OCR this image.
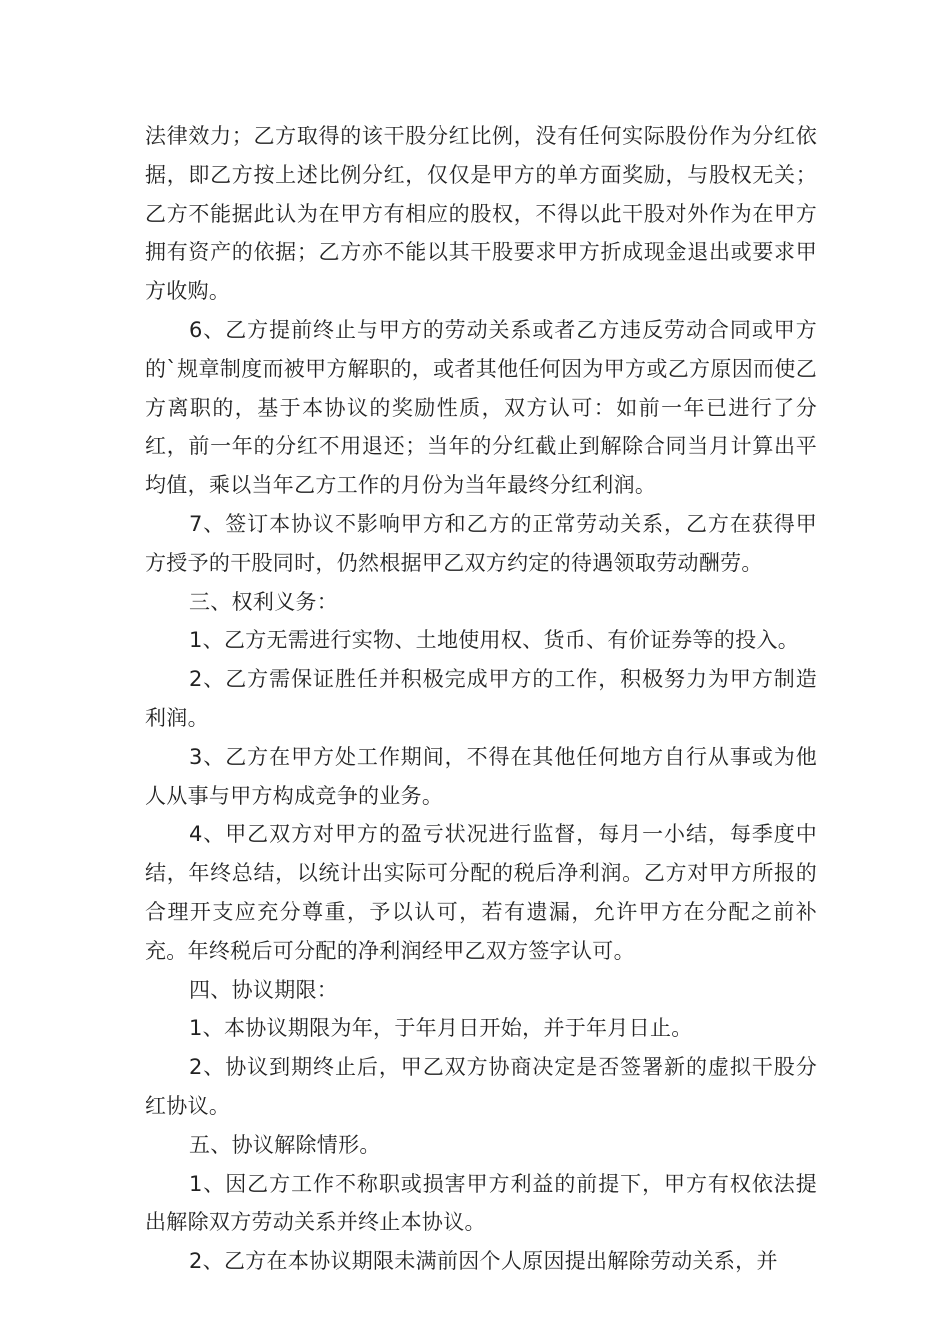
法律效力；乙方取得的该干股分红比例，没有任何实际股份作为分红依据，即乙方按上述比例分红，仅仅是甲方的单方面奖励，与股权无关；乙方不能据此认为在甲方有相应的股权，不得以此干股对外作为在甲方拥有资产的依据；乙方亦不能以其干股要求甲方折成现金退出或要求甲方收购。

6、乙方提前终止与甲方的劳动关系或者乙方违反劳动合同或甲方的`规章制度而被甲方解职的，或者其他任何因为甲方或乙方原因而使乙方离职的，基于本协议的奖励性质，双方认可：如前一年已进行了分红，前一年的分红不用退还；当年的分红截止到解除合同当月计算出平均值，乘以当年乙方工作的月份为当年最终分红利润。

7、签订本协议不影响甲方和乙方的正常劳动关系，乙方在获得甲方授予的干股同时，仍然根据甲乙双方约定的待遇领取劳动酬劳。

三、权利义务：

1、乙方无需进行实物、土地使用权、货币、有价证券等的投入。

2、乙方需保证胜任并积极完成甲方的工作，积极努力为甲方制造利润。

3、乙方在甲方处工作期间，不得在其他任何地方自行从事或为他人从事与甲方构成竞争的业务。

4、甲乙双方对甲方的盈亏状况进行监督，每月一小结，每季度中结，年终总结，以统计出实际可分配的税后净利润。乙方对甲方所报的合理开支应充分尊重，予以认可，若有遗漏，允许甲方在分配之前补充。年终税后可分配的净利润经甲乙双方签字认可。

四、协议期限：

1、本协议期限为年，于年月日开始，并于年月日止。

2、协议到期终止后，甲乙双方协商决定是否签署新的虚拟干股分红协议。

五、协议解除情形。

1、因乙方工作不称职或损害甲方利益的前提下，甲方有权依法提出解除双方劳动关系并终止本协议。

2、乙方在本协议期限未满前因个人原因提出解除劳动关系，并
